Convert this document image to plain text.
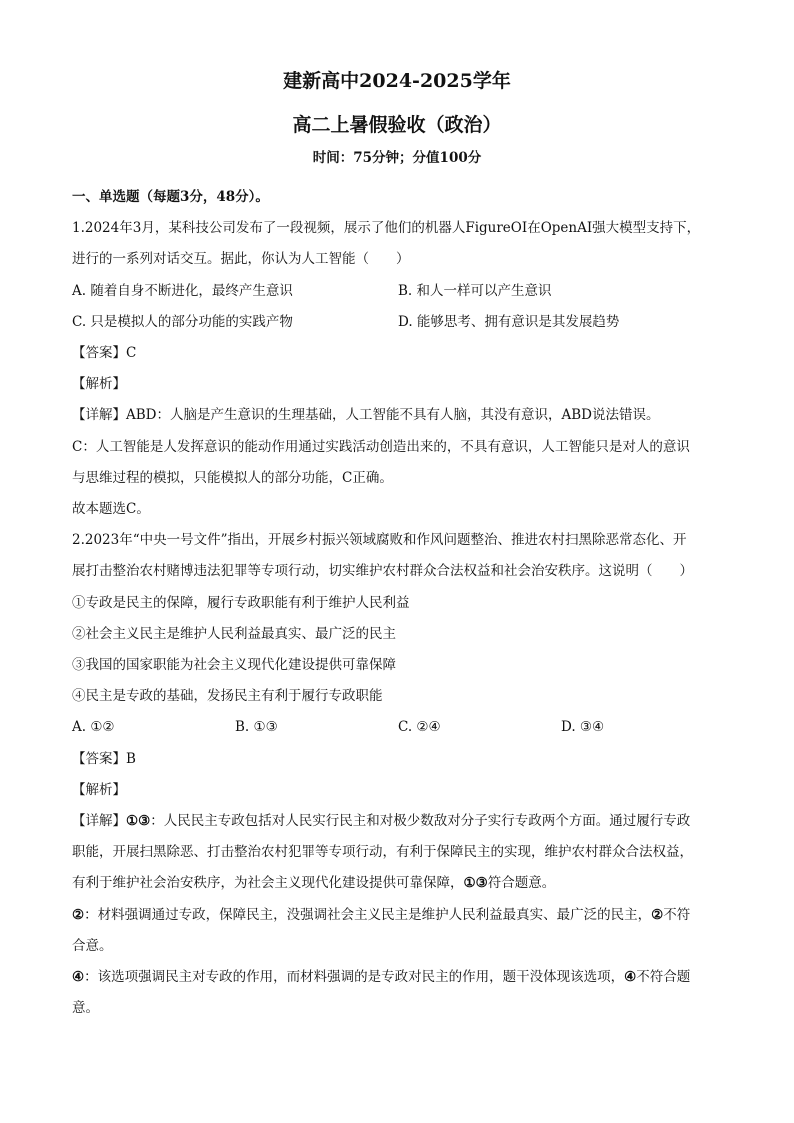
建新高中2024-2025学年
高二上暑假验收（政治）
时间：75分钟；分值100分
一、单选题（每题3分，48分）。
1.2024年3月，某科技公司发布了一段视频，展示了他们的机器人FigureOI在OpenAI强大模型支持下，
进行的一系列对话交互。据此，你认为人工智能（　　）
A. 随着自身不断进化，最终产生意识	B. 和人一样可以产生意识
C. 只是模拟人的部分功能的实践产物	D. 能够思考、拥有意识是其发展趋势
【答案】C
【解析】
【详解】ABD：人脑是产生意识的生理基础，人工智能不具有人脑，其没有意识，ABD说法错误。
C：人工智能是人发挥意识的能动作用通过实践活动创造出来的，不具有意识，人工智能只是对人的意识
与思维过程的模拟，只能模拟人的部分功能，C正确。
故本题选C。
2.2023年“中央一号文件”指出，开展乡村振兴领域腐败和作风问题整治、推进农村扫黑除恶常态化、开
展打击整治农村赌博违法犯罪等专项行动，切实维护农村群众合法权益和社会治安秩序。这说明（　　）
①专政是民主的保障，履行专政职能有利于维护人民利益
②社会主义民主是维护人民利益最真实、最广泛的民主
③我国的国家职能为社会主义现代化建设提供可靠保障
④民主是专政的基础，发扬民主有利于履行专政职能
A. ①②	B. ①③	C. ②④	D. ③④
【答案】B
【解析】
【详解】①③：人民民主专政包括对人民实行民主和对极少数敌对分子实行专政两个方面。通过履行专政
职能，开展扫黑除恶、打击整治农村犯罪等专项行动，有利于保障民主的实现，维护农村群众合法权益，
有利于维护社会治安秩序，为社会主义现代化建设提供可靠保障，①③符合题意。
②：材料强调通过专政，保障民主，没强调社会主义民主是维护人民利益最真实、最广泛的民主，②不符
合意。
④：该选项强调民主对专政的作用，而材料强调的是专政对民主的作用，题干没体现该选项，④不符合题
意。
